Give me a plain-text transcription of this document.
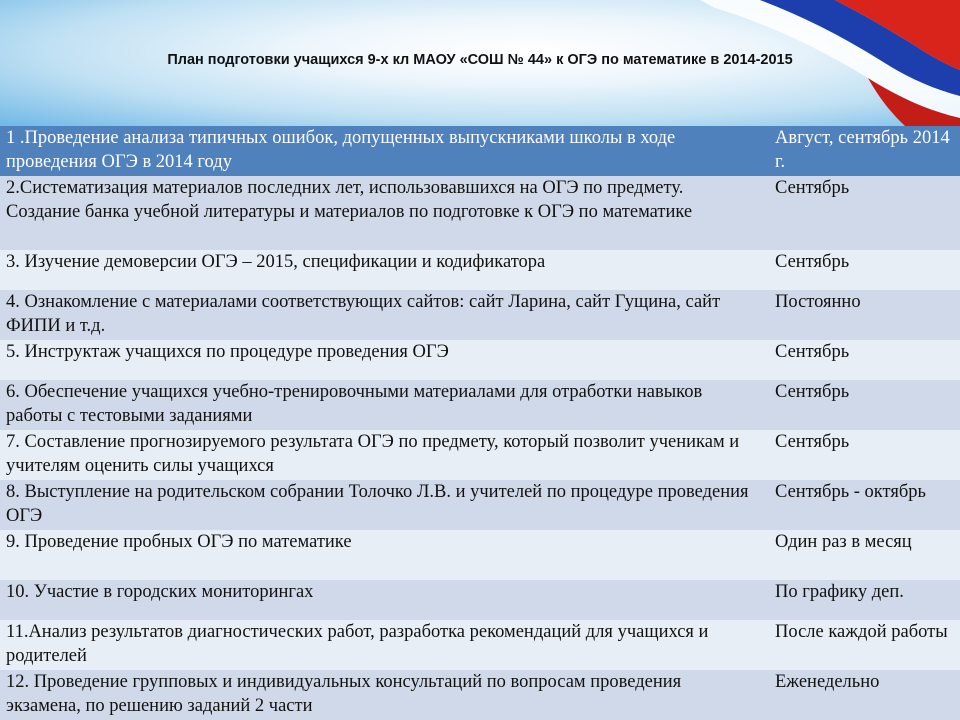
План подготовки учащихся 9-х кл МАОУ «СОШ № 44» к ОГЭ по математике в 2014-2015
1 .Проведение анализа типичных ошибок, допущенных выпускниками школы в ходе проведения ОГЭ в 2014 году	Август, сентябрь 2014 г.
2.Систематизация материалов последних лет, использовавшихся на ОГЭ по предмету. Создание банка учебной литературы и материалов по подготовке к ОГЭ по математике	Сентябрь
3. Изучение демоверсии ОГЭ – 2015, спецификации и кодификатора	Сентябрь
4. Ознакомление с материалами соответствующих сайтов: сайт Ларина, сайт Гущина, сайт ФИПИ и т.д.	Постоянно
5. Инструктаж учащихся по процедуре проведения ОГЭ	Сентябрь
6. Обеспечение учащихся учебно-тренировочными материалами для отработки навыков работы с тестовыми заданиями	Сентябрь
7. Составление прогнозируемого результата ОГЭ по предмету, который позволит ученикам и учителям оценить силы учащихся	Сентябрь
8. Выступление на родительском собрании Толочко Л.В. и учителей по процедуре проведения ОГЭ	Сентябрь - октябрь
9. Проведение пробных ОГЭ по математике	Один раз в месяц
10. Участие в городских мониторингах	По графику деп.
11.Анализ результатов диагностических работ, разработка рекомендаций для учащихся и родителей	После каждой работы
12. Проведение групповых и индивидуальных консультаций по вопросам проведения экзамена, по решению заданий 2 части	Еженедельно
